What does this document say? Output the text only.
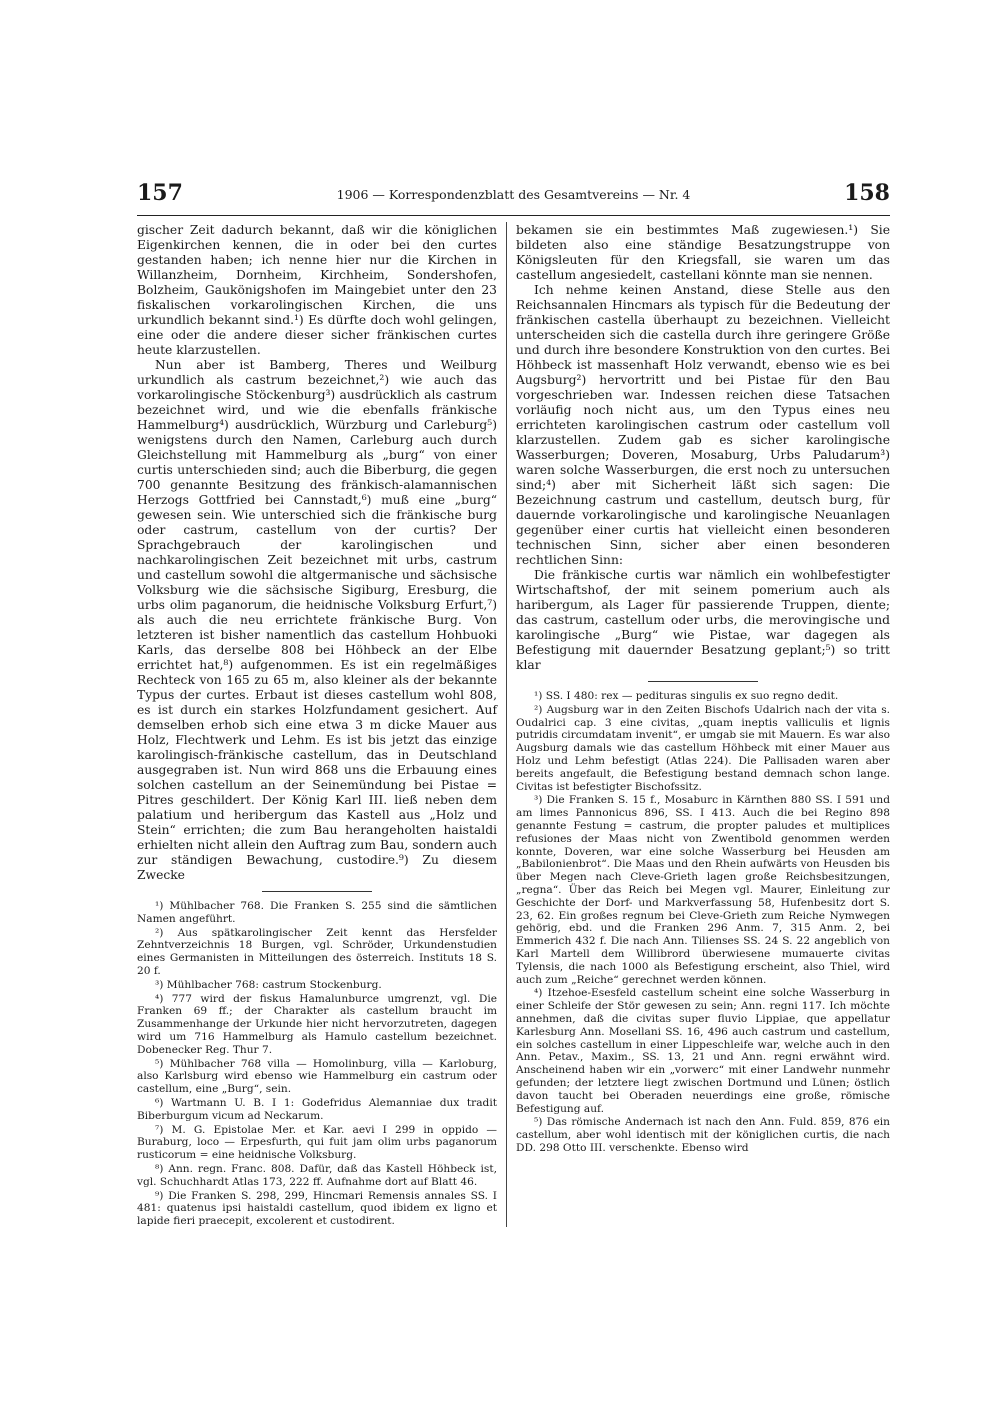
157	1906 — Korrespondenzblatt des Gesamtvereins — Nr. 4	158

gischer Zeit dadurch bekannt, daß wir die königlichen Eigenkirchen kennen, die in oder bei den curtes gestanden haben; ich nenne hier nur die Kirchen in Willanzheim, Dornheim, Kirchheim, Sondershofen, Bolzheim, Gaukönigshofen im Maingebiet unter den 23 fiskalischen vorkarolingischen Kirchen, die uns urkundlich bekannt sind.¹) Es dürfte doch wohl gelingen, eine oder die andere dieser sicher fränkischen curtes heute klarzustellen.

Nun aber ist Bamberg, Theres und Weilburg urkundlich als castrum bezeichnet,²) wie auch das vorkarolingische Stöckenburg³) ausdrücklich als castrum bezeichnet wird, und wie die ebenfalls fränkische Hammelburg⁴) ausdrücklich, Würzburg und Carleburg⁵) wenigstens durch den Namen, Carleburg auch durch Gleichstellung mit Hammelburg als „burg“ von einer curtis unterschieden sind; auch die Biberburg, die gegen 700 genannte Besitzung des fränkisch-alamannischen Herzogs Gottfried bei Cannstadt,⁶) muß eine „burg“ gewesen sein. Wie unterschied sich die fränkische burg oder castrum, castellum von der curtis? Der Sprachgebrauch der karolingischen und nachkarolingischen Zeit bezeichnet mit urbs, castrum und castellum sowohl die altgermanische und sächsische Volksburg wie die sächsische Sigiburg, Eresburg, die urbs olim paganorum, die heidnische Volksburg Erfurt,⁷) als auch die neu errichtete fränkische Burg. Von letzteren ist bisher namentlich das castellum Hohbuoki Karls, das derselbe 808 bei Höhbeck an der Elbe errichtet hat,⁸) aufgenommen. Es ist ein regelmäßiges Rechteck von 165 zu 65 m, also kleiner als der bekannte Typus der curtes. Erbaut ist dieses castellum wohl 808, es ist durch ein starkes Holzfundament gesichert. Auf demselben erhob sich eine etwa 3 m dicke Mauer aus Holz, Flechtwerk und Lehm. Es ist bis jetzt das einzige karolingisch-fränkische castellum, das in Deutschland ausgegraben ist. Nun wird 868 uns die Erbauung eines solchen castellum an der Seinemündung bei Pistae = Pitres geschildert. Der König Karl III. ließ neben dem palatium und heribergum das Kastell aus „Holz und Stein“ errichten; die zum Bau herangeholten haistaldi erhielten nicht allein den Auftrag zum Bau, sondern auch zur ständigen Bewachung, custodire.⁹) Zu diesem Zwecke

¹) Mühlbacher 768. Die Franken S. 255 sind die sämtlichen Namen angeführt.

²) Aus spätkarolingischer Zeit kennt das Hersfelder Zehntverzeichnis 18 Burgen, vgl. Schröder, Urkundenstudien eines Germanisten in Mitteilungen des österreich. Instituts 18 S. 20 f.

³) Mühlbacher 768: castrum Stockenburg.

⁴) 777 wird der fiskus Hamalunburce umgrenzt, vgl. Die Franken 69 ff.; der Charakter als castellum braucht im Zusammenhange der Urkunde hier nicht hervorzutreten, dagegen wird um 716 Hammelburg als Hamulo castellum bezeichnet. Dobenecker Reg. Thur 7.

⁵) Mühlbacher 768 villa — Homolinburg, villa — Karloburg, also Karlsburg wird ebenso wie Hammelburg ein castrum oder castellum, eine „Burg“, sein.

⁶) Wartmann U. B. I 1: Godefridus Alemanniae dux tradit Biberburgum vicum ad Neckarum.

⁷) M. G. Epistolae Mer. et Kar. aevi I 299 in oppido — Buraburg, loco — Erpesfurth, qui fuit jam olim urbs paganorum rusticorum = eine heidnische Volksburg.

⁸) Ann. regn. Franc. 808. Dafür, daß das Kastell Höhbeck ist, vgl. Schuchhardt Atlas 173, 222 ff. Aufnahme dort auf Blatt 46.

⁹) Die Franken S. 298, 299, Hincmari Remensis annales SS. I 481: quatenus ipsi haistaldi castellum, quod ibidem ex ligno et lapide fieri praecepit, excolerent et custodirent.

bekamen sie ein bestimmtes Maß zugewiesen.¹) Sie bildeten also eine ständige Besatzungstruppe von Königsleuten für den Kriegsfall, sie waren um das castellum angesiedelt, castellani könnte man sie nennen.

Ich nehme keinen Anstand, diese Stelle aus den Reichsannalen Hincmars als typisch für die Bedeutung der fränkischen castella überhaupt zu bezeichnen. Vielleicht unterscheiden sich die castella durch ihre geringere Größe und durch ihre besondere Konstruktion von den curtes. Bei Höhbeck ist massenhaft Holz verwandt, ebenso wie es bei Augsburg²) hervortritt und bei Pistae für den Bau vorgeschrieben war. Indessen reichen diese Tatsachen vorläufig noch nicht aus, um den Typus eines neu errichteten karolingischen castrum oder castellum voll klarzustellen. Zudem gab es sicher karolingische Wasserburgen; Doveren, Mosaburg, Urbs Paludarum³) waren solche Wasserburgen, die erst noch zu untersuchen sind;⁴) aber mit Sicherheit läßt sich sagen: Die Bezeichnung castrum und castellum, deutsch burg, für dauernde vorkarolingische und karolingische Neuanlagen gegenüber einer curtis hat vielleicht einen besonderen technischen Sinn, sicher aber einen besonderen rechtlichen Sinn:

Die fränkische curtis war nämlich ein wohlbefestigter Wirtschaftshof, der mit seinem pomerium auch als haribergum, als Lager für passierende Truppen, diente; das castrum, castellum oder urbs, die merovingische und karolingische „Burg“ wie Pistae, war dagegen als Befestigung mit dauernder Besatzung geplant;⁵) so tritt klar

¹) SS. I 480: rex — pedituras singulis ex suo regno dedit.

²) Augsburg war in den Zeiten Bischofs Udalrich nach der vita s. Oudalrici cap. 3 eine civitas, „quam ineptis valliculis et lignis putridis circumdatam invenit“, er umgab sie mit Mauern. Es war also Augsburg damals wie das castellum Höhbeck mit einer Mauer aus Holz und Lehm befestigt (Atlas 224). Die Pallisaden waren aber bereits angefault, die Befestigung bestand demnach schon lange. Civitas ist befestigter Bischofssitz.

³) Die Franken S. 15 f., Mosaburc in Kärnthen 880 SS. I 591 und am limes Pannonicus 896, SS. I 413. Auch die bei Regino 898 genannte Festung = castrum, die propter paludes et multiplices refusiones der Maas nicht von Zwentibold genommen werden konnte, Doveren, war eine solche Wasserburg bei Heusden am „Babilonienbrot“. Die Maas und den Rhein aufwärts von Heusden bis über Megen nach Cleve-Grieth lagen große Reichsbesitzungen, „regna“. Über das Reich bei Megen vgl. Maurer, Einleitung zur Geschichte der Dorf- und Markverfassung 58, Hufenbesitz dort S. 23, 62. Ein großes regnum bei Cleve-Grieth zum Reiche Nymwegen gehörig, ebd. und die Franken 296 Anm. 7, 315 Anm. 2, bei Emmerich 432 f. Die nach Ann. Tilienses SS. 24 S. 22 angeblich von Karl Martell dem Willibrord überwiesene mumauerte civitas Tylensis, die nach 1000 als Befestigung erscheint, also Thiel, wird auch zum „Reiche“ gerechnet werden können.

⁴) Itzehoe-Esesfeld castellum scheint eine solche Wasserburg in einer Schleife der Stör gewesen zu sein; Ann. regni 117. Ich möchte annehmen, daß die civitas super fluvio Lippiae, que appellatur Karlesburg Ann. Mosellani SS. 16, 496 auch castrum und castellum, ein solches castellum in einer Lippeschleife war, welche auch in den Ann. Petav., Maxim., SS. 13, 21 und Ann. regni erwähnt wird. Anscheinend haben wir ein „vorwerc“ mit einer Landwehr nunmehr gefunden; der letztere liegt zwischen Dortmund und Lünen; östlich davon taucht bei Oberaden neuerdings eine große, römische Befestigung auf.

⁵) Das römische Andernach ist nach den Ann. Fuld. 859, 876 ein castellum, aber wohl identisch mit der königlichen curtis, die nach DD. 298 Otto III. verschenkte. Ebenso wird
